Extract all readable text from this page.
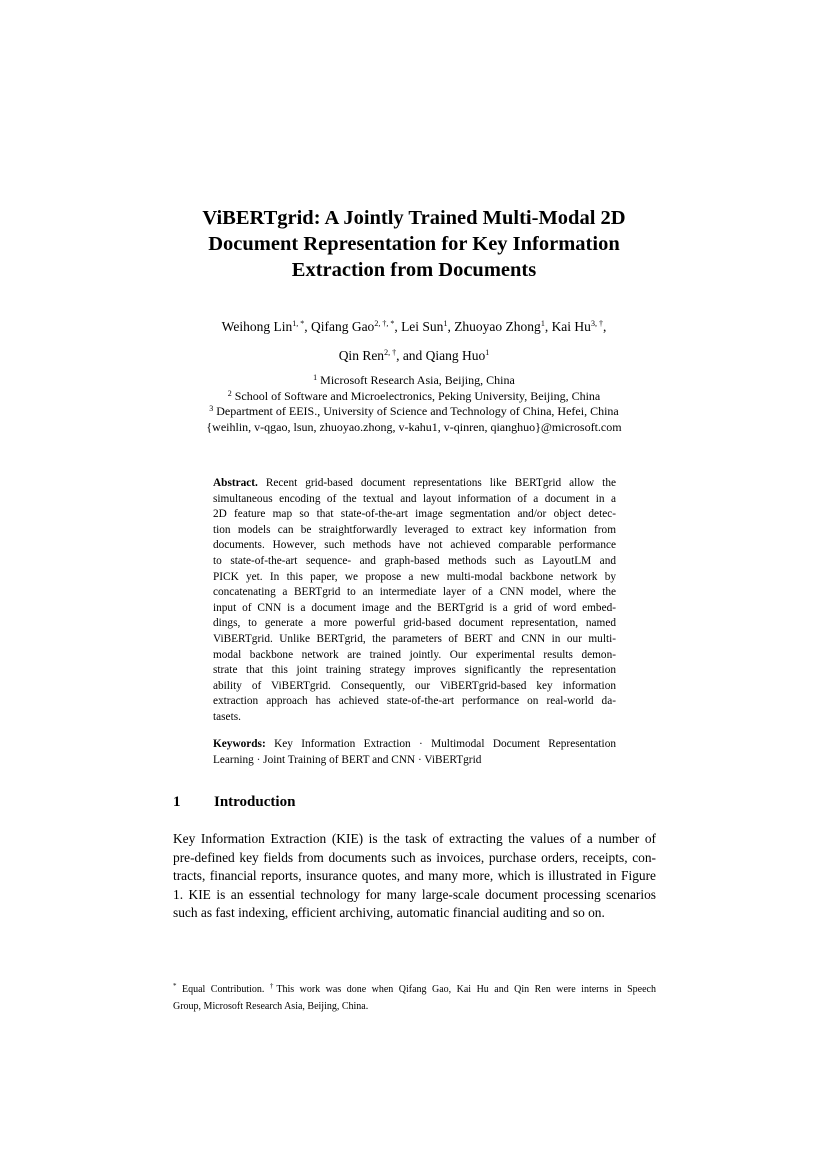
ViBERTgrid: A Jointly Trained Multi-Modal 2D
Document Representation for Key Information
Extraction from Documents
Weihong Lin$^{1, *}$, Qifang Gao$^{2, \dagger, *}$, Lei Sun$^1$, Zhuoyao Zhong$^1$, Kai $Hu^{3, \dagger}$,
Qin Ren$^{2, \dagger}$, and Qiang Huo$^1$
$^1$ Microsoft Research Asia, Beijing, China
$^2$ School of Software and Microelectronics, Peking University, Beijing, China
$^3$ Department of EEIS., University of Science and Technology of China, Hefei, China
{weihlin, v-qgao, lsun, zhuoyao.zhong, v-kahu1, v-qinren, qianghuo}@microsoft.com
Abstract. Recent grid-based document representations like BERTgrid allow the
simultaneous encoding of the textual and layout information of a document in a
2D feature map so that state-of-the-art image segmentation and/or object detec-
tion models can be straightforwardly leveraged to extract key information from
documents. However, such methods have not achieved comparable performance
to state-of-the-art sequence- and graph-based methods such as LayoutLM and
PICK yet. In this paper, we propose a new multi-modal backbone network by
concatenating a BERTgrid to an intermediate layer of a CNN model, where the
input of CNN is a document image and the BERTgrid is a grid of word embed-
dings, to generate a more powerful grid-based document representation, named
ViBERTgrid. Unlike BERTgrid, the parameters of BERT and CNN in our multi-
modal backbone network are trained jointly. Our experimental results demon-
strate that this joint training strategy improves significantly the representation
ability of ViBERTgrid. Consequently, our ViBERTgrid-based key information
extraction approach has achieved state-of-the-art performance on real-world da-
tasets.
Keywords: Key Information Extraction · Multimodal Document Representation
Learning · Joint Training of BERT and CNN · ViBERTgrid
1 Introduction
Key Information Extraction (KIE) is the task of extracting the values of a number of
pre-defined key fields from documents such as invoices, purchase orders, receipts, con-
tracts, financial reports, insurance quotes, and many more, which is illustrated in Figure
1. KIE is an essential technology for many large-scale document processing scenarios
such as fast indexing, efficient archiving, automatic financial auditing and so on.
* Equal Contribution. †This work was done when Qifang Gao, Kai Hu and Qin Ren were interns in Speech
Group, Microsoft Research Asia, Beijing, China.
